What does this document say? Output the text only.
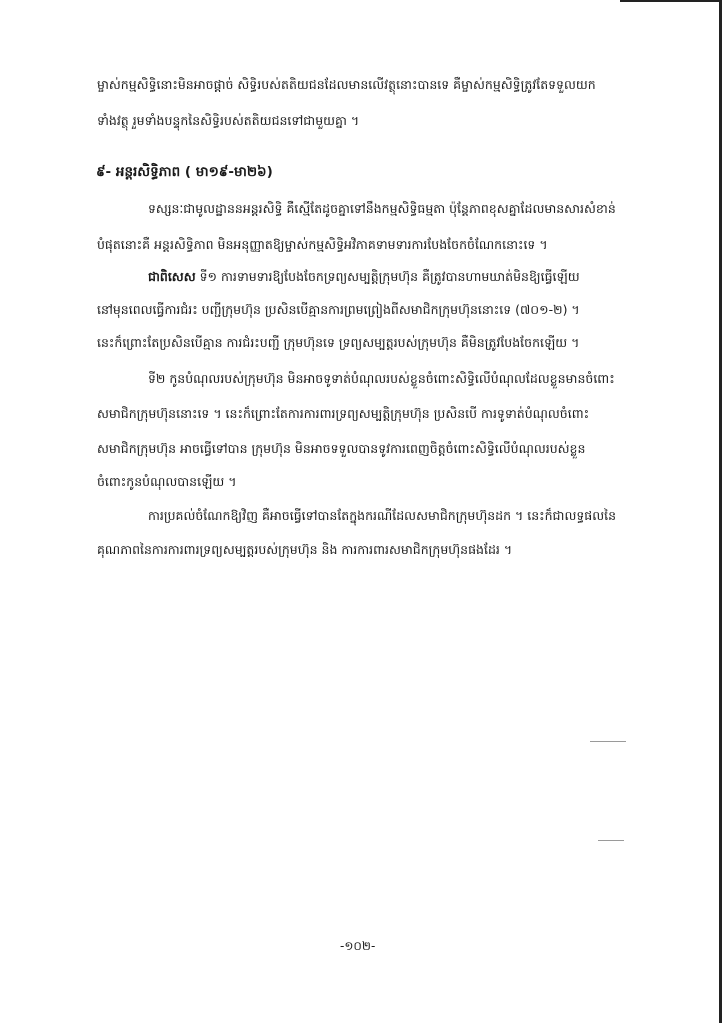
ម្ចាស់កម្មសិទ្ធិនោះមិនអាចផ្ដាច់ សិទ្ធិរបស់តតិយជនដែលមានលើវត្ថុនោះបានទេ គឺម្ចាស់កម្មសិទ្ធិត្រូវតែទទួលយក
ទាំងវត្ថុ រួមទាំងបន្ទុកនៃសិទ្ធិរបស់តតិយជនទៅជាមួយគ្នា ។
៩- អន្តរសិទ្ធិភាព ( មា១៩-មា២៦)
ទស្សនៈជាមូលដ្ឋាននអន្តរសិទ្ធិ គឺស្មើតែដូចគ្នាទៅនឹងកម្មសិទ្ធិធម្មតា ប៉ុន្តែភាពខុសគ្នាដែលមានសារសំខាន់
បំផុតនោះគឺ អន្តរសិទ្ធិភាព មិនអនុញ្ញាតឱ្យម្ចាស់កម្មសិទ្ធិអវិភាគទាមទារការបែងចែកចំណែកនោះទេ ។
ជាពិសេស ទី១ ការទាមទារឱ្យបែងចែកទ្រព្យសម្បត្តិក្រុមហ៊ុន គឺត្រូវបានហាមឃាត់មិនឱ្យធ្វើឡើយ
នៅមុនពេលធ្វើការជំរះ បញ្ជីក្រុមហ៊ុន ប្រសិនបើគ្មានការព្រមព្រៀងពីសមាជិកក្រុមហ៊ុននោះទេ (៧០១-២) ។
នេះក៏ព្រោះតែប្រសិនបើគ្មាន ការជំរះបញ្ជី ក្រុមហ៊ុនទេ ទ្រព្យសម្បត្តរបស់ក្រុមហ៊ុន គឺមិនត្រូវបែងចែកឡើយ ។
ទី២ កូនបំណុលរបស់ក្រុមហ៊ុន មិនអាចទូទាត់បំណុលរបស់ខ្លួនចំពោះសិទ្ធិលើបំណុលដែលខ្លួនមានចំពោះ
សមាជិកក្រុមហ៊ុននោះទេ ។ នេះក៏ព្រោះតែការការពារទ្រព្យសម្បត្តិក្រុមហ៊ុន ប្រសិនបើ ការទូទាត់បំណុលចំពោះ
សមាជិកក្រុមហ៊ុន អាចធ្វើទៅបាន ក្រុមហ៊ុន មិនអាចទទួលបានទូវការពេញចិត្តចំពោះសិទ្ធិលើបំណុលរបស់ខ្លួន
ចំពោះកូនបំណុលបានឡើយ ។
ការប្រគល់ចំណែកឱ្យវិញ គឺអាចធ្វើទៅបានតែក្នុងករណីដែលសមាជិកក្រុមហ៊ុនដក ។ នេះក៏ជាលទ្ធផលនៃ
គុណភាពនៃការការពារទ្រព្យសម្បត្តរបស់ក្រុមហ៊ុន និង ការការពារសមាជិកក្រុមហ៊ុនផងដែរ ។
-១០២-
